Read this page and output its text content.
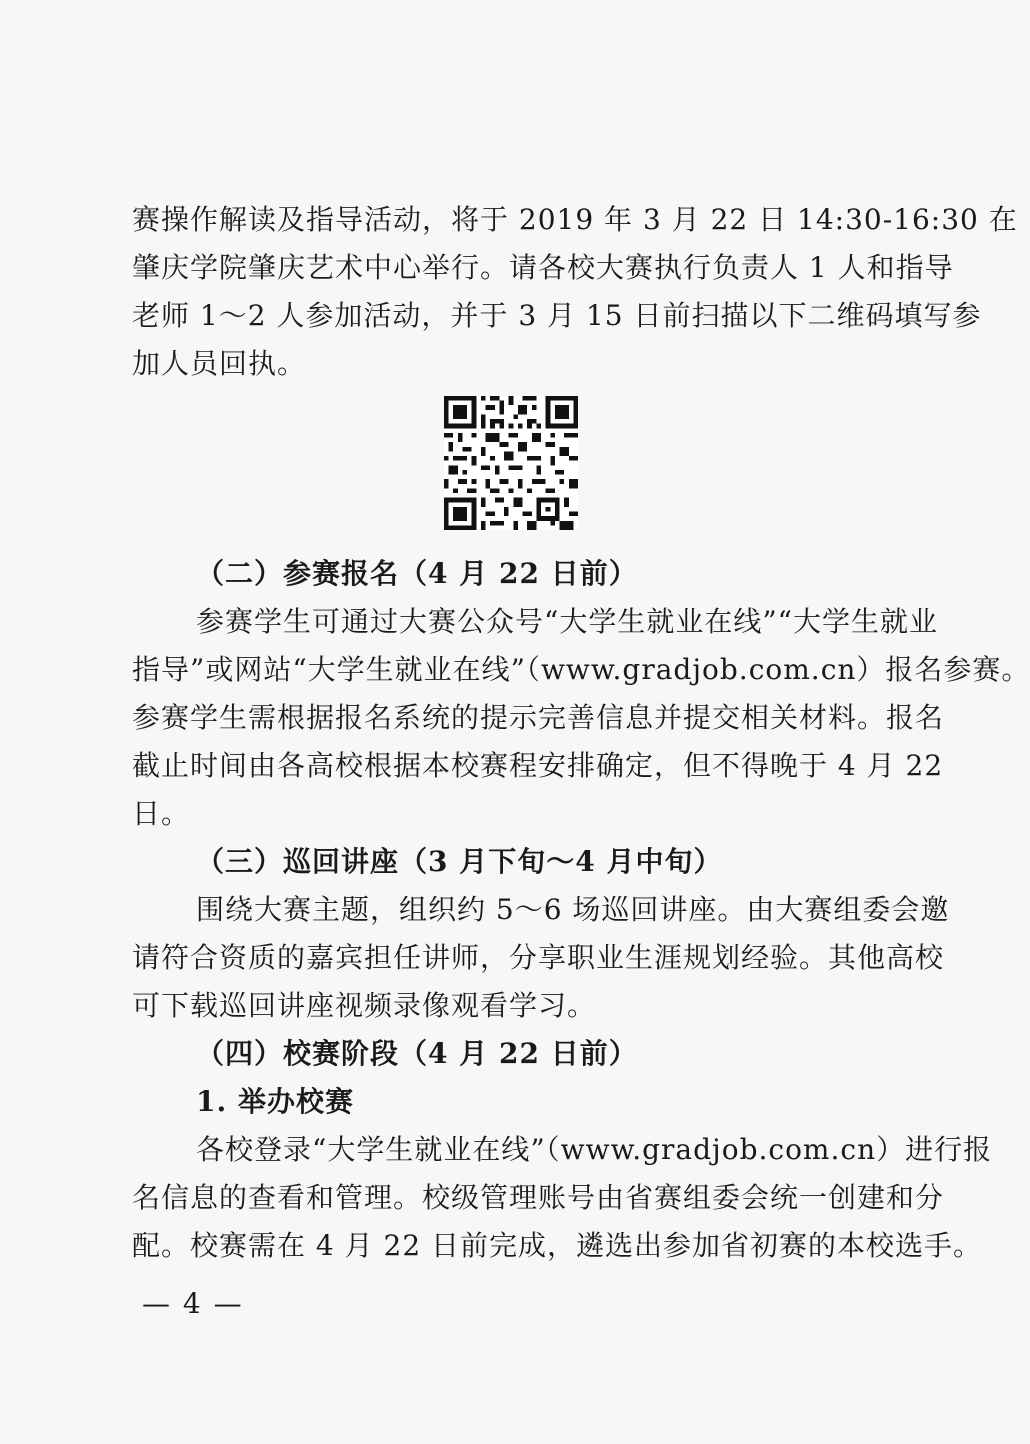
赛操作解读及指导活动，将于 2019 年 3 月 22 日 14:30-16:30 在
肇庆学院肇庆艺术中心举行。请各校大赛执行负责人 1 人和指导
老师 1～2 人参加活动，并于 3 月 15 日前扫描以下二维码填写参
加人员回执。
（二）参赛报名（4 月 22 日前）
参赛学生可通过大赛公众号“大学生就业在线”“大学生就业
指导”或网站“大学生就业在线”（www.gradjob.com.cn）报名参赛。
参赛学生需根据报名系统的提示完善信息并提交相关材料。报名
截止时间由各高校根据本校赛程安排确定，但不得晚于 4 月 22
日。
（三）巡回讲座（3 月下旬～4 月中旬）
围绕大赛主题，组织约 5～6 场巡回讲座。由大赛组委会邀
请符合资质的嘉宾担任讲师，分享职业生涯规划经验。其他高校
可下载巡回讲座视频录像观看学习。
（四）校赛阶段（4 月 22 日前）
1. 举办校赛
各校登录“大学生就业在线”（www.gradjob.com.cn）进行报
名信息的查看和管理。校级管理账号由省赛组委会统一创建和分
配。校赛需在 4 月 22 日前完成，遴选出参加省初赛的本校选手。
— 4 —
